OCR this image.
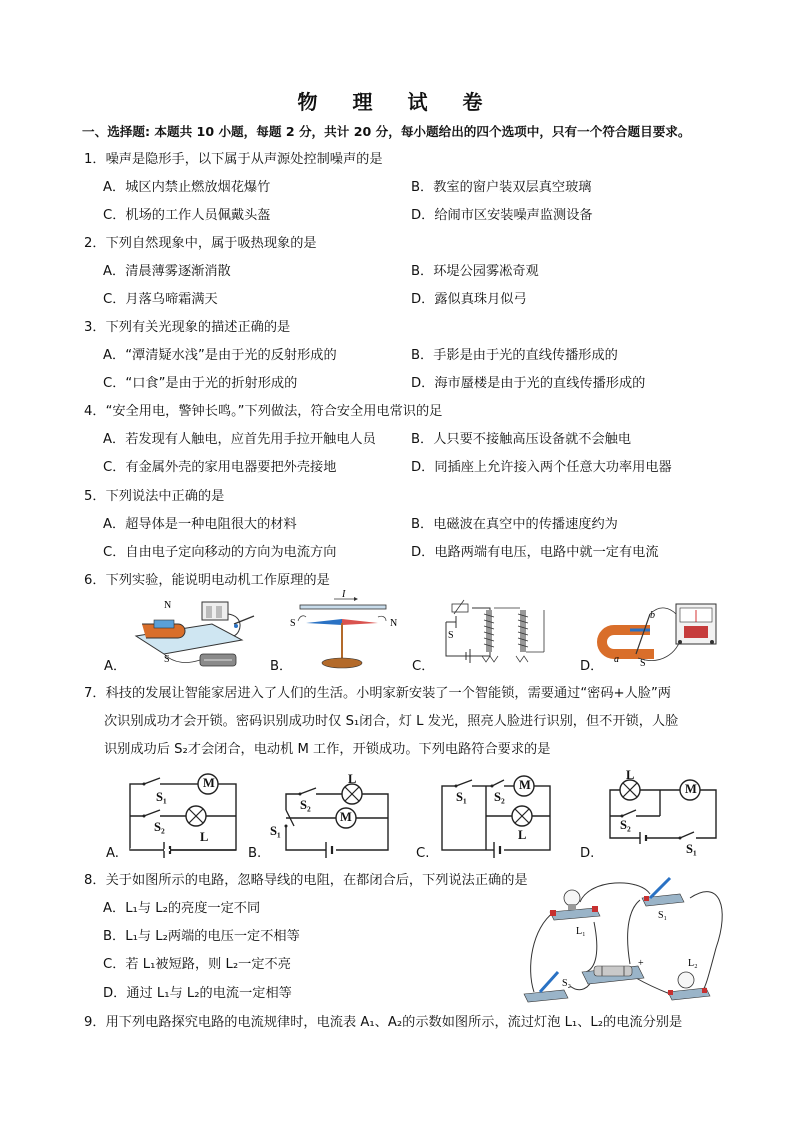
物 理 试 卷
一、选择题: 本题共 10 小题，每题 2 分，共计 20 分，每小题给出的四个选项中，只有一个符合题目要求。
1．噪声是隐形手，以下属于从声源处控制噪声的是
A．城区内禁止燃放烟花爆竹	B．教室的窗户装双层真空玻璃
C．机场的工作人员佩戴头盔	D．给闹市区安装噪声监测设备
2．下列自然现象中，属于吸热现象的是
A．清晨薄雾逐渐消散	B．环堤公园雾凇奇观
C．月落乌啼霜满天	D．露似真珠月似弓
3．下列有关光现象的描述正确的是
A．“潭清疑水浅”是由于光的反射形成的	B．手影是由于光的直线传播形成的
C．“口食”是由于光的折射形成的	D．海市蜃楼是由于光的直线传播形成的
4．“安全用电，警钟长鸣。”下列做法，符合安全用电常识的足
A．若发现有人触电，应首先用手拉开触电人员	B．人只要不接触高压设备就不会触电
C．有金属外壳的家用电器要把外壳接地	D．同插座上允许接入两个任意大功率用电器
5．下列说法中正确的是
A．超导体是一种电阻很大的材料	B．电磁波在真空中的传播速度约为
C．自由电子定向移动的方向为电流方向	D．电路两端有电压，电路中就一定有电流
6．下列实验，能说明电动机工作原理的是
N
S
A．
I
S	N
B．
S
C．	a
b
S
D．
7．科技的发展让智能家居进入了人们的生活。小明家新安装了一个智能锁，需要通过“密码+人脸”两
次识别成功才会开锁。密码识别成功时仅 S₁闭合，灯 L 发光，照亮人脸进行识别，但不开锁，人脸
识别成功后 S₂才会闭合，电动机 M 工作，开锁成功。下列电路符合要求的是
M
S₁
S₂
L
A.
L
S₂
M
S₁
B.
S₁ S₂
M
L
C.
L
M
S₂
S₁
D.
8．关于如图所示的电路，忽略导线的电阻，在都闭合后，下列说法正确的是
A．L₁与 L₂的亮度一定不同
B．L₁与 L₂两端的电压一定不相等
C．若 L₁被短路，则 L₂一定不亮
D．通过 L₁与 L₂的电流一定相等
L₁
S₁
+
S₂
L₂
9．用下列电路探究电路的电流规律时，电流表 A₁、A₂的示数如图所示，流过灯泡 L₁、L₂的电流分别是
